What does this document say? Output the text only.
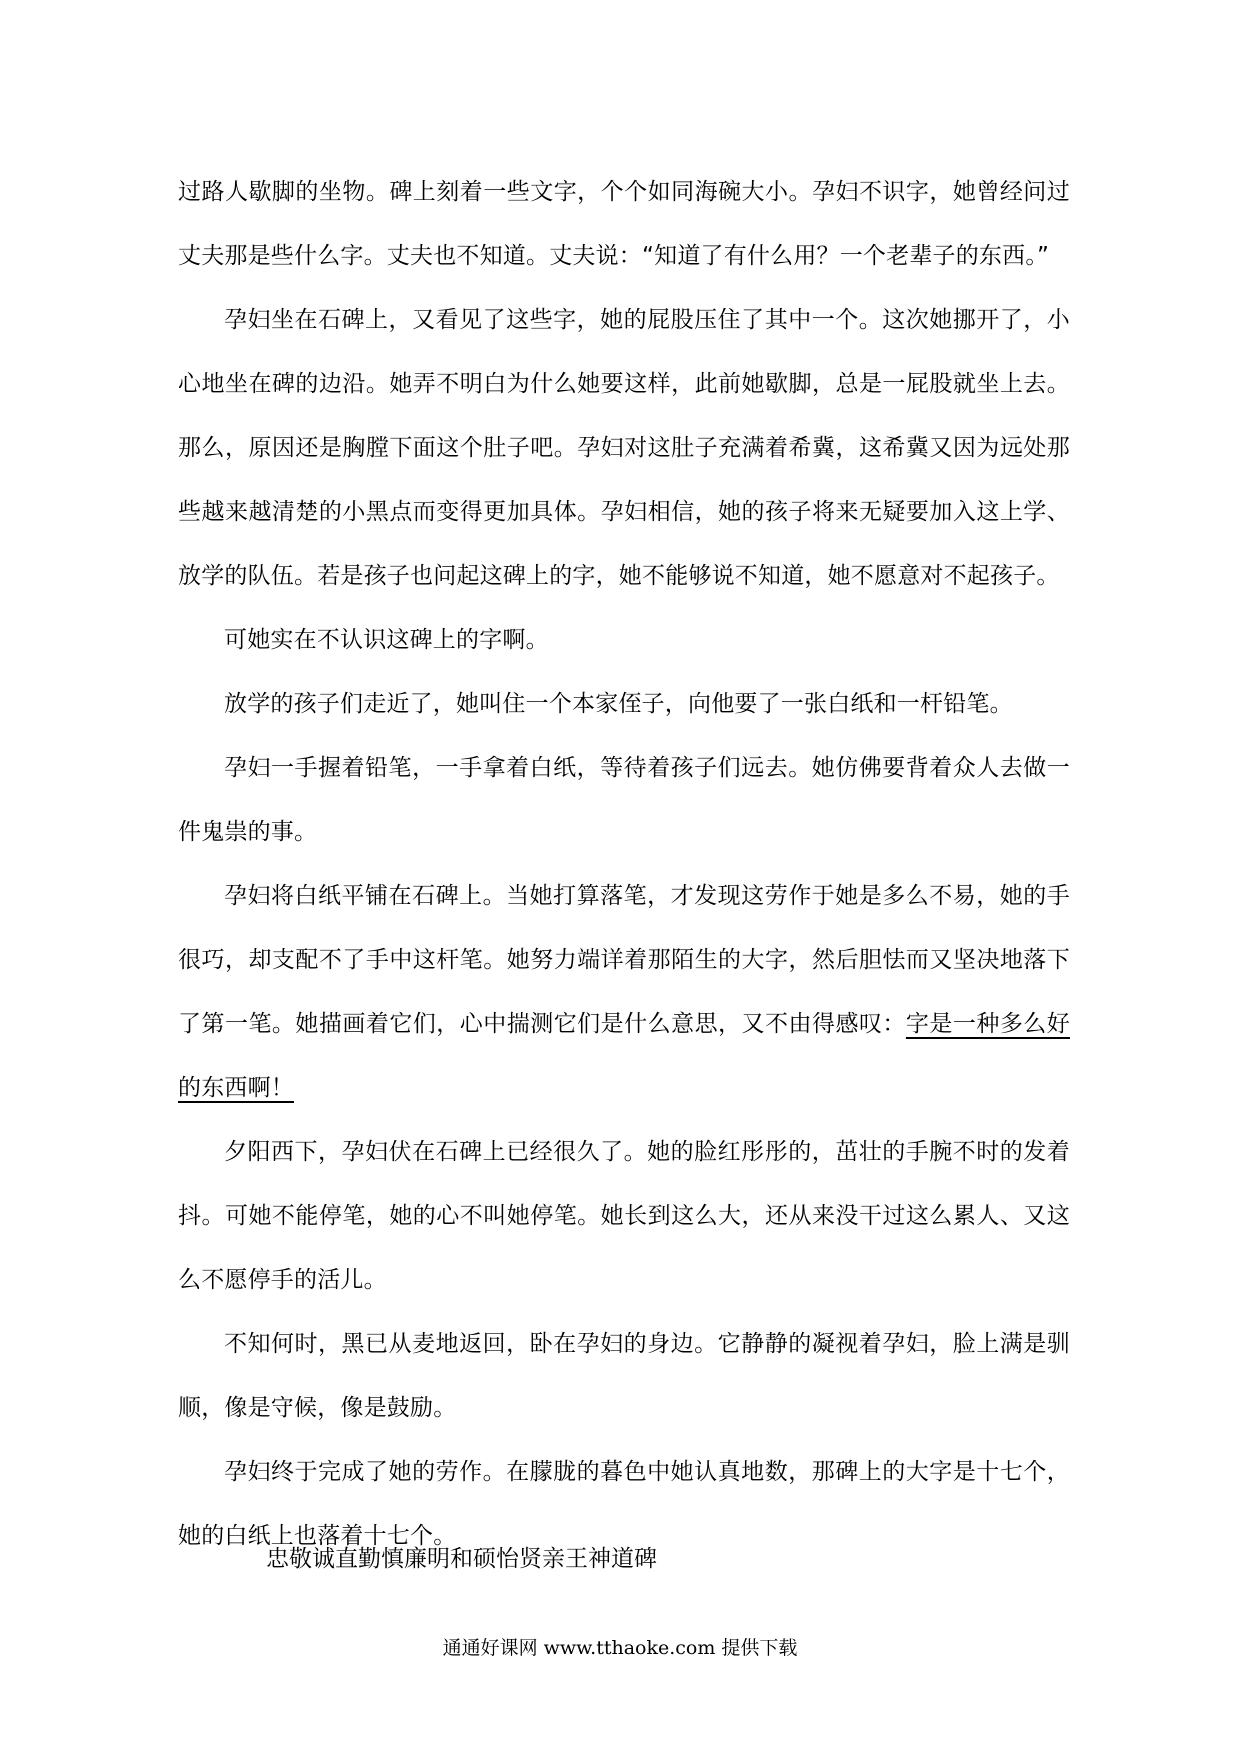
过路人歇脚的坐物。碑上刻着一些文字，个个如同海碗大小。孕妇不识字，她曾经问过丈夫那是些什么字。丈夫也不知道。丈夫说：“知道了有什么用？一个老辈子的东西。”

孕妇坐在石碑上，又看见了这些字，她的屁股压住了其中一个。这次她挪开了，小心地坐在碑的边沿。她弄不明白为什么她要这样，此前她歇脚，总是一屁股就坐上去。那么，原因还是胸膛下面这个肚子吧。孕妇对这肚子充满着希冀，这希冀又因为远处那些越来越清楚的小黑点而变得更加具体。孕妇相信，她的孩子将来无疑要加入这上学、放学的队伍。若是孩子也问起这碑上的字，她不能够说不知道，她不愿意对不起孩子。

可她实在不认识这碑上的字啊。

放学的孩子们走近了，她叫住一个本家侄子，向他要了一张白纸和一杆铅笔。

孕妇一手握着铅笔，一手拿着白纸，等待着孩子们远去。她仿佛要背着众人去做一件鬼祟的事。

孕妇将白纸平铺在石碑上。当她打算落笔，才发现这劳作于她是多么不易，她的手很巧，却支配不了手中这杆笔。她努力端详着那陌生的大字，然后胆怯而又坚决地落下了第一笔。她描画着它们，心中揣测它们是什么意思，又不由得感叹：字是一种多么好的东西啊！

夕阳西下，孕妇伏在石碑上已经很久了。她的脸红彤彤的，茁壮的手腕不时的发着抖。可她不能停笔，她的心不叫她停笔。她长到这么大，还从来没干过这么累人、又这么不愿停手的活儿。

不知何时，黑已从麦地返回，卧在孕妇的身边。它静静的凝视着孕妇，脸上满是驯顺，像是守候，像是鼓励。

孕妇终于完成了她的劳作。在朦胧的暮色中她认真地数，那碑上的大字是十七个，她的白纸上也落着十七个。

忠敬诚直勤慎廉明和硕怡贤亲王神道碑

通通好课网 www.tthaoke.com 提供下载
